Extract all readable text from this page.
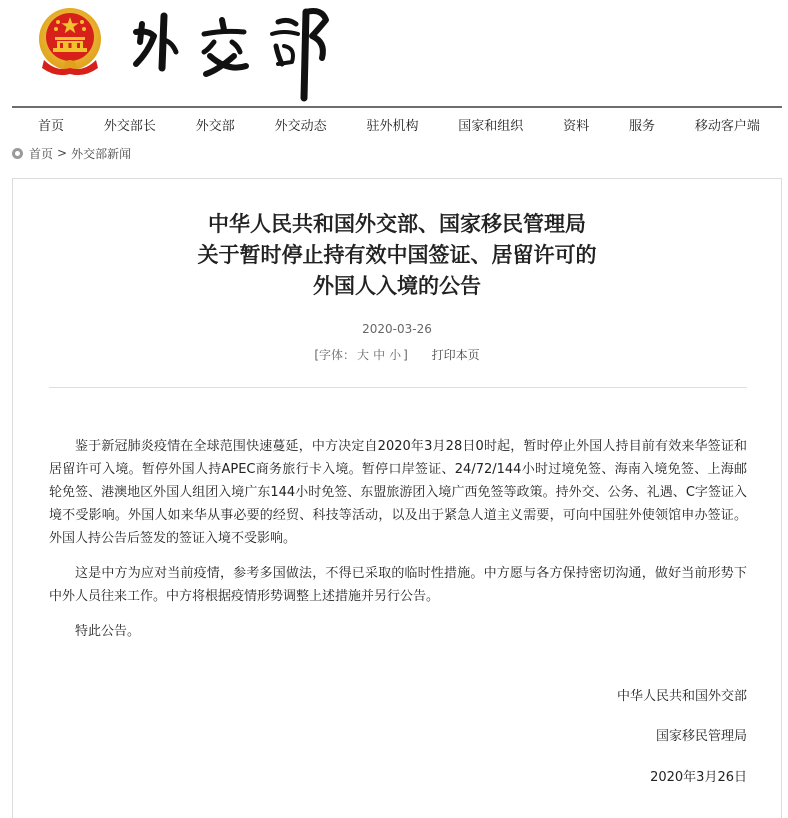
首页	外交部长	外交部	外交动态	驻外机构	国家和组织	资料	服务	移动客户端
首页 > 外交部新闻
中华人民共和国外交部、国家移民管理局
关于暂时停止持有效中国签证、居留许可的
外国人入境的公告
2020-03-26
[字体： 大 中 小 ] 打印本页

鉴于新冠肺炎疫情在全球范围快速蔓延，中方决定自2020年3月28日0时起，暂时停止外国人持目前有效来华签证和居留许可入境。暂停外国人持APEC商务旅行卡入境。暂停口岸签证、24/72/144小时过境免签、海南入境免签、上海邮轮免签、港澳地区外国人组团入境广东144小时免签、东盟旅游团入境广西免签等政策。持外交、公务、礼遇、C字签证入境不受影响。外国人如来华从事必要的经贸、科技等活动，以及出于紧急人道主义需要，可向中国驻外使领馆申办签证。外国人持公告后签发的签证入境不受影响。

这是中方为应对当前疫情，参考多国做法，不得已采取的临时性措施。中方愿与各方保持密切沟通，做好当前形势下中外人员往来工作。中方将根据疫情形势调整上述措施并另行公告。

特此公告。

中华人民共和国外交部
国家移民管理局
2020年3月26日
